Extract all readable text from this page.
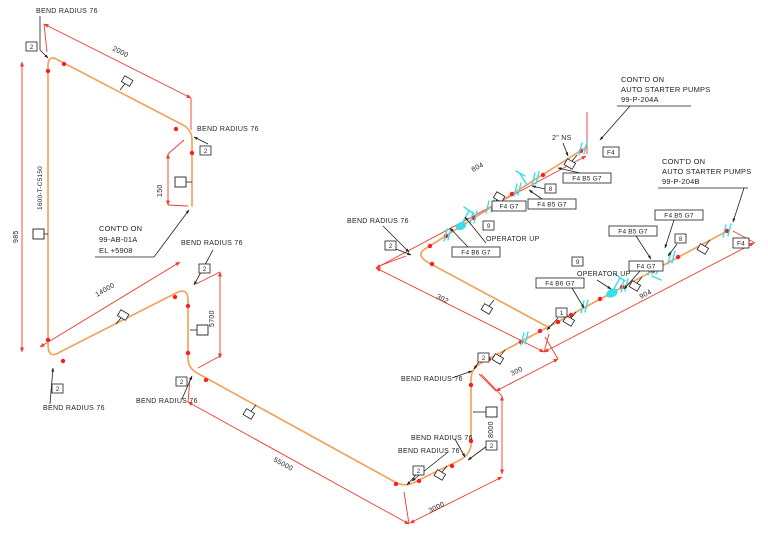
2
2
2
2
2
2
2
2
2
1
8
8
9
9
F4 B6 G7
F4 G7	F4 B5 G7
F4 B5 G7
F4
F4 B6 G7
F4 G7
F4 B5 G7
F4 B5 G7
F4
BEND RADIUS 76
BEND RADIUS 76
BEND RADIUS 76
BEND RADIUS 76
BEND RADIUS 76
BEND RADIUS 76
BEND RADIUS 76
BEND RADIUS 76
BEND RADIUS 76
2000
150
985
14000
5700
55000
3000
8000
300
302
804
904
1600-T-C5150
2" NS
OPERATOR UP
OPERATOR UP
CONT'D ON
99-AB-01A
EL +5908
CONT'D ON
AUTO STARTER PUMPS
99-P-204A
CONT'D ON
AUTO STARTER PUMPS
99-P-204B
